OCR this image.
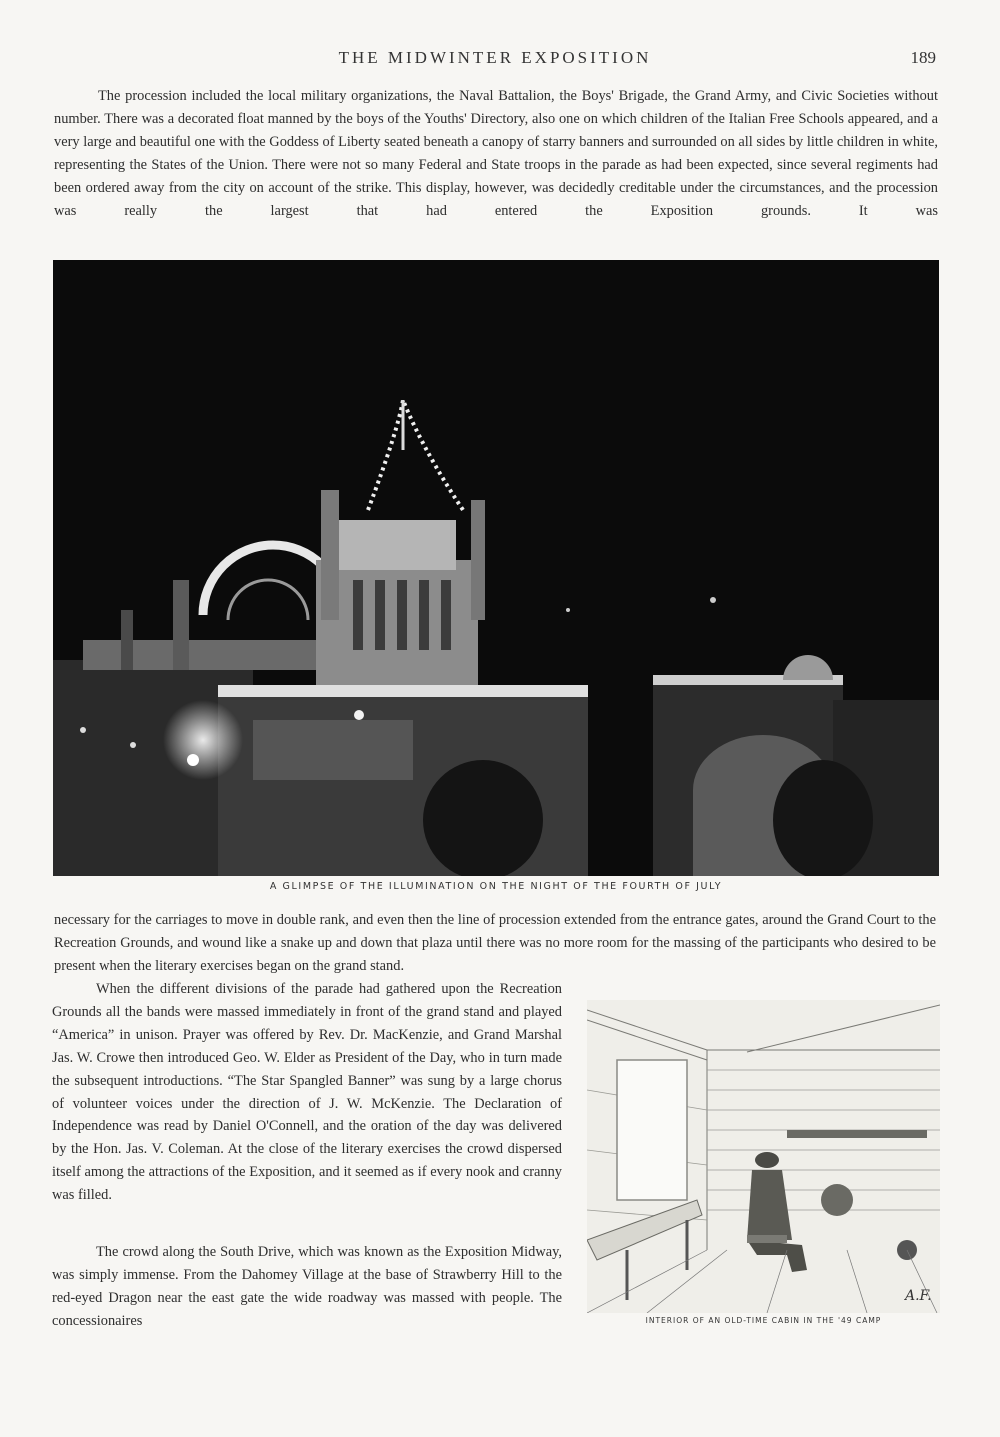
THE MIDWINTER EXPOSITION	189

The procession included the local military organizations, the Naval Battalion, the Boys' Brigade, the Grand Army, and Civic Societies without number. There was a decorated float manned by the boys of the Youths' Directory, also one on which children of the Italian Free Schools appeared, and a very large and beautiful one with the Goddess of Liberty seated beneath a canopy of starry banners and surrounded on all sides by little children in white, representing the States of the Union. There were not so many Federal and State troops in the parade as had been expected, since several regiments had been ordered away from the city on account of the strike. This display, however, was decidedly creditable under the circumstances, and the procession was really the largest that had entered the Exposition grounds. It was

A GLIMPSE OF THE ILLUMINATION ON THE NIGHT OF THE FOURTH OF JULY

necessary for the carriages to move in double rank, and even then the line of procession extended from the entrance gates, around the Grand Court to the Recreation Grounds, and wound like a snake up and down that plaza until there was no more room for the massing of the participants who desired to be present when the literary exercises began on the grand stand.

When the different divisions of the parade had gathered upon the Recreation Grounds all the bands were massed immediately in front of the grand stand and played “America” in unison. Prayer was offered by Rev. Dr. MacKenzie, and Grand Marshal Jas. W. Crowe then introduced Geo. W. Elder as President of the Day, who in turn made the subsequent introductions. “The Star Spangled Banner” was sung by a large chorus of volunteer voices under the direction of J. W. McKenzie. The Declaration of Independence was read by Daniel O'Connell, and the oration of the day was delivered by the Hon. Jas. V. Coleman. At the close of the literary exercises the crowd dispersed itself among the attractions of the Exposition, and it seemed as if every nook and cranny was filled.

The crowd along the South Drive, which was known as the Exposition Midway, was simply immense. From the Dahomey Village at the base of Strawberry Hill to the red-eyed Dragon near the east gate the wide roadway was massed with people. The concessionaires

A.F.
INTERIOR OF AN OLD-TIME CABIN IN THE '49 CAMP
